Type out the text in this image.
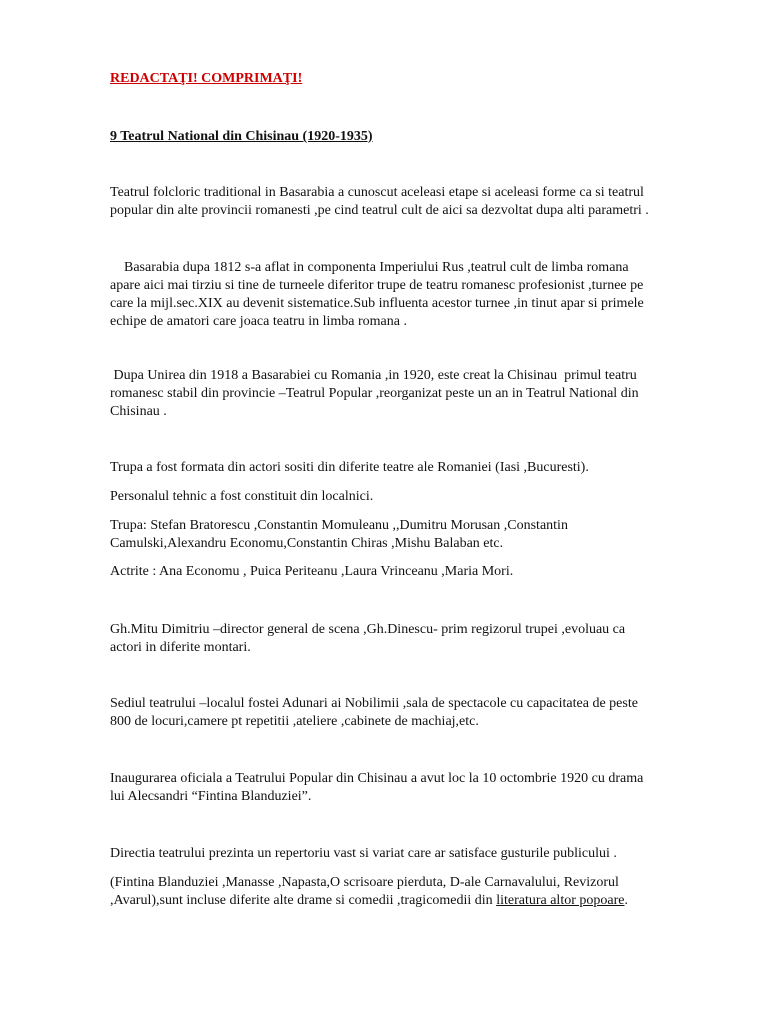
REDACTAŢI! COMPRIMAŢI!
9 Teatrul National din Chisinau (1920-1935)
Teatrul folcloric traditional in Basarabia a cunoscut aceleasi etape si aceleasi forme ca si teatrul
popular din alte provincii romanesti ,pe cind teatrul cult de aici sa dezvoltat dupa alti parametri .
Basarabia dupa 1812 s-a aflat in componenta Imperiului Rus ,teatrul cult de limba romana
apare aici mai tirziu si tine de turneele diferitor trupe de teatru romanesc profesionist ,turnee pe
care la mijl.sec.XIX au devenit sistematice.Sub influenta acestor turnee ,in tinut apar si primele
echipe de amatori care joaca teatru in limba romana .
Dupa Unirea din 1918 a Basarabiei cu Romania ,in 1920, este creat la Chisinau  primul teatru
romanesc stabil din provincie –Teatrul Popular ,reorganizat peste un an in Teatrul National din
Chisinau .
Trupa a fost formata din actori sositi din diferite teatre ale Romaniei (Iasi ,Bucuresti).
Personalul tehnic a fost constituit din localnici.
Trupa: Stefan Bratorescu ,Constantin Momuleanu ,,Dumitru Morusan ,Constantin
Camulski,Alexandru Economu,Constantin Chiras ,Mishu Balaban etc.
Actrite : Ana Economu , Puica Periteanu ,Laura Vrinceanu ,Maria Mori.
Gh.Mitu Dimitriu –director general de scena ,Gh.Dinescu- prim regizorul trupei ,evoluau ca
actori in diferite montari.
Sediul teatrului –localul fostei Adunari ai Nobilimii ,sala de spectacole cu capacitatea de peste
800 de locuri,camere pt repetitii ,ateliere ,cabinete de machiaj,etc.
Inaugurarea oficiala a Teatrului Popular din Chisinau a avut loc la 10 octombrie 1920 cu drama
lui Alecsandri “Fintina Blanduziei”.
Directia teatrului prezinta un repertoriu vast si variat care ar satisface gusturile publicului .
(Fintina Blanduziei ,Manasse ,Napasta,O scrisoare pierduta, D-ale Carnavalului, Revizorul
,Avarul),sunt incluse diferite alte drame si comedii ,tragicomedii din literatura altor popoare.
